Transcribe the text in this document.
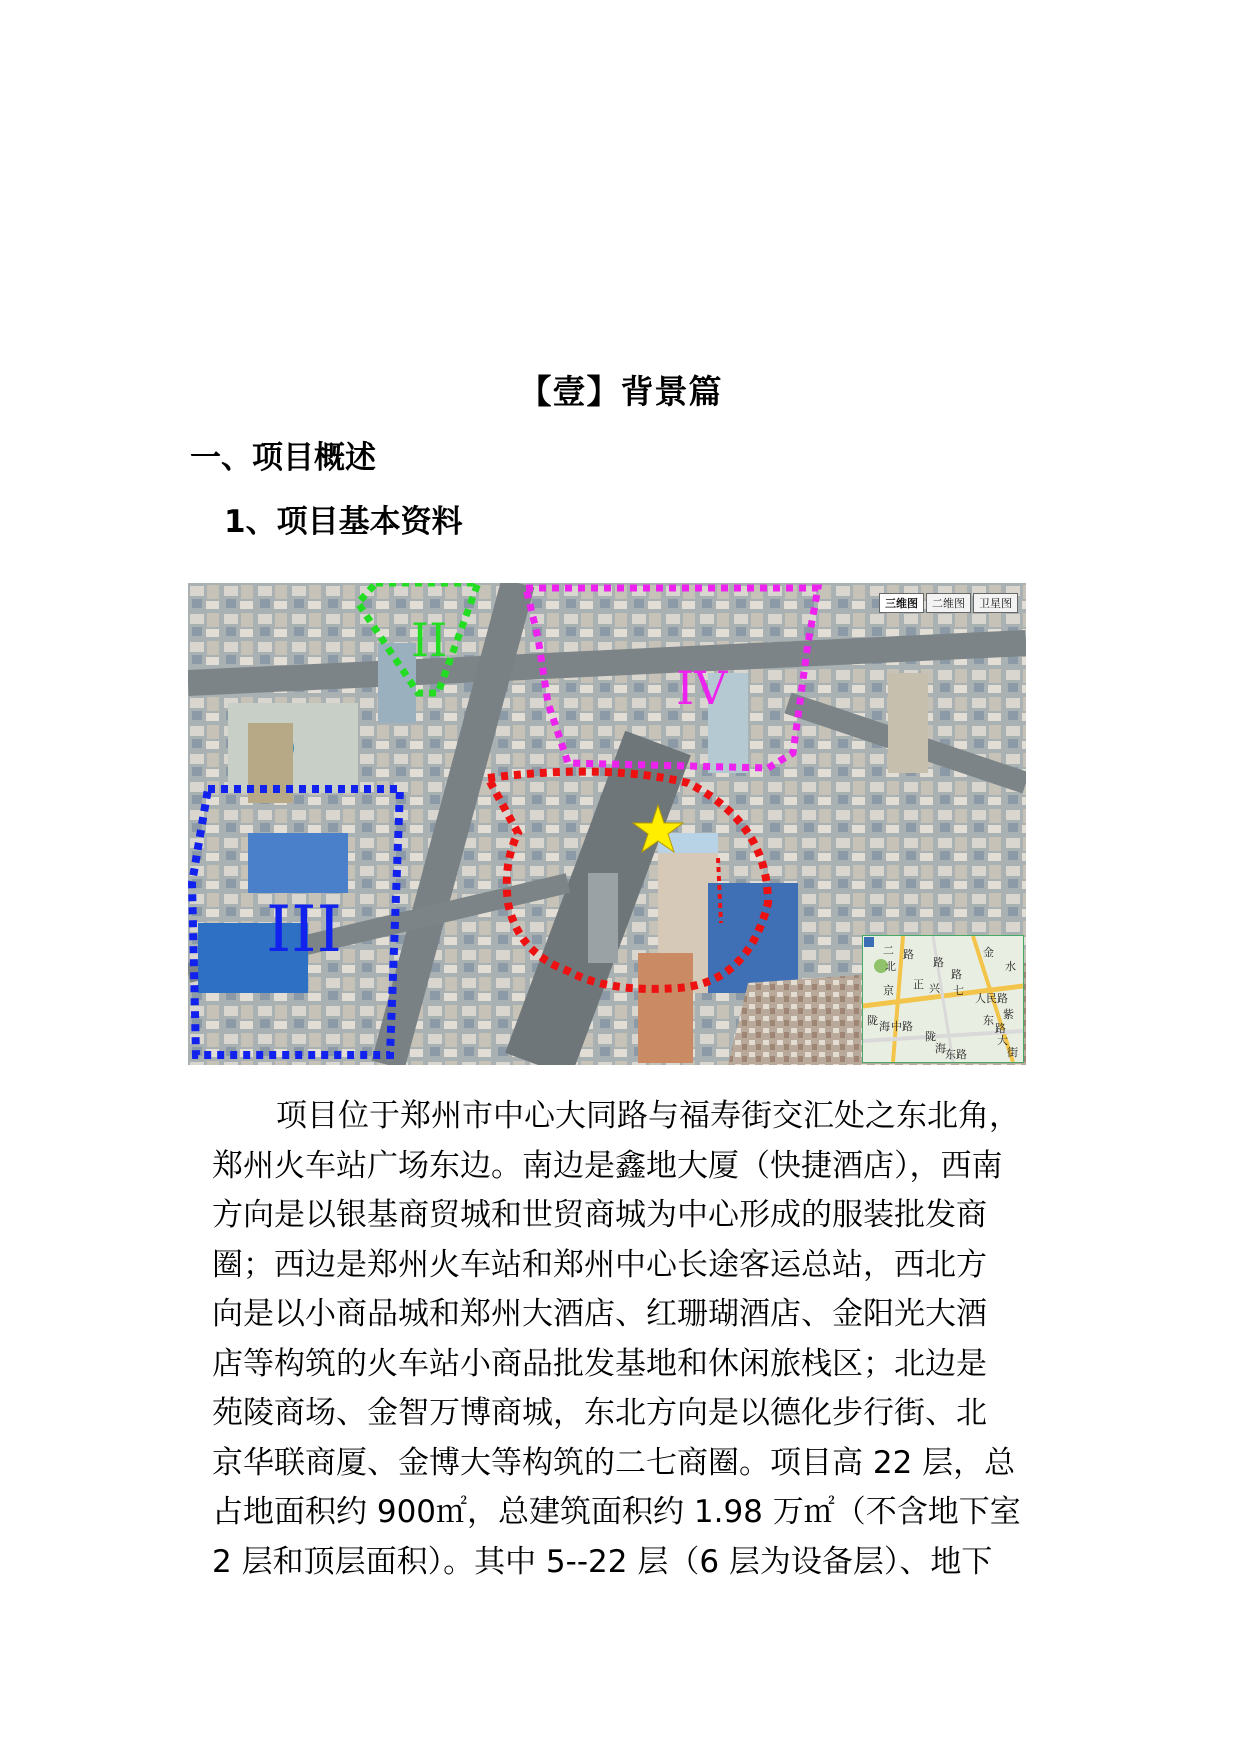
【壹】背景篇
一、项目概述
1、项目基本资料
三维图	二维图	卫星图
II
IV
III	二 路
北	路
路
金
水
京 正 兴 七
人民路
陇 海 中路	东 紫
路
陇
海 东路
大
街
项目位于郑州市中心大同路与福寿街交汇处之东北角，
郑州火车站广场东边。南边是鑫地大厦（快捷酒店），西南
方向是以银基商贸城和世贸商城为中心形成的服装批发商
圈；西边是郑州火车站和郑州中心长途客运总站，西北方
向是以小商品城和郑州大酒店、红珊瑚酒店、金阳光大酒
店等构筑的火车站小商品批发基地和休闲旅栈区；北边是
苑陵商场、金智万博商城，东北方向是以德化步行街、北
京华联商厦、金博大等构筑的二七商圈。项目高 22 层，总
占地面积约 900㎡，总建筑面积约 1.98 万㎡（不含地下室
2 层和顶层面积）。其中 5--22 层（6 层为设备层）、地下
